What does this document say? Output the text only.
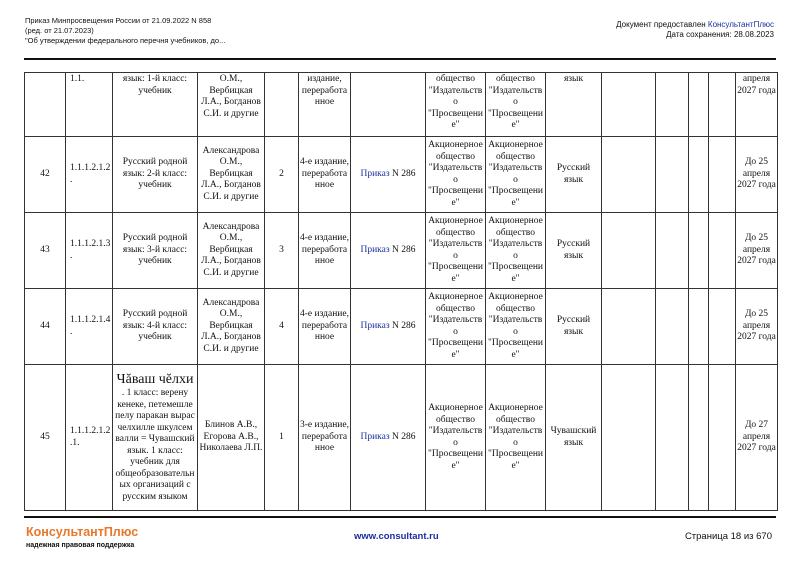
Приказ Минпросвещения России от 21.09.2022 N 858
(ред. от 21.07.2023)
"Об утверждении федерального перечня учебников, до...
Документ предоставлен КонсультантПлюс
Дата сохранения: 28.08.2023
	1.1.	язык: 1-й класс: учебник	О.М., Вербицкая Л.А., Богданов С.И. и другие		издание, переработанное		общество "Издательство "Просвещение"	общество "Издательство "Просвещение"	язык					апреля 2027 года
42	1.1.1.2.1.2.	Русский родной язык: 2-й класс: учебник	Александрова О.М., Вербицкая Л.А., Богданов С.И. и другие	2	4-е издание, переработанное	Приказ N 286	Акционерное общество "Издательство "Просвещение"	Акционерное общество "Издательство "Просвещение"	Русский язык					До 25 апреля 2027 года
43	1.1.1.2.1.3.	Русский родной язык: 3-й класс: учебник	Александрова О.М., Вербицкая Л.А., Богданов С.И. и другие	3	4-е издание, переработанное	Приказ N 286	Акционерное общество "Издательство "Просвещение"	Акционерное общество "Издательство "Просвещение"	Русский язык					До 25 апреля 2027 года
44	1.1.1.2.1.4.	Русский родной язык: 4-й класс: учебник	Александрова О.М., Вербицкая Л.А., Богданов С.И. и другие	4	4-е издание, переработанное	Приказ N 286	Акционерное общество "Издательство "Просвещение"	Акционерное общество "Издательство "Просвещение"	Русский язык					До 25 апреля 2027 года
45	1.1.1.2.1.2.1.	Чăваш чĕлхи
. 1 класс: верену кенеке, петемешле пелу паракан вырас челхилле шкулсем валли = Чувашский язык. 1 класс: учебник для общеобразовательных организаций с русским языком	Блинов А.В., Егорова А.В., Николаева Л.П.	1	3-е издание, переработанное	Приказ N 286	Акционерное общество "Издательство "Просвещение"	Акционерное общество "Издательство "Просвещение"	Чувашский язык					До 27 апреля 2027 года
КонсультантПлюс
надежная правовая поддержка
www.consultant.ru	Страница 18 из 670
